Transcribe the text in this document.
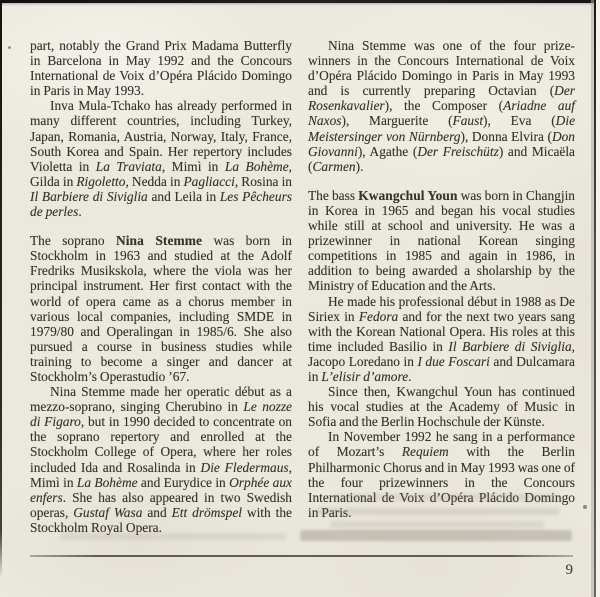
part, notably the Grand Prix Madama Butterfly in Barcelona in May 1992 and the Concours International de Voix d’Opéra Plácido Domingo in Paris in May 1993.

Inva Mula-Tchako has already performed in many different countries, including Turkey, Japan, Romania, Austria, Norway, Italy, France, South Korea and Spain. Her repertory includes Violetta in La Traviata, Mimì in La Bohème, Gilda in Rigoletto, Nedda in Pagliacci, Rosina in Il Barbiere di Siviglia and Leila in Les Pêcheurs de perles.

The soprano Nina Stemme was born in Stockholm in 1963 and studied at the Adolf Fredriks Musikskola, where the viola was her principal instrument. Her first contact with the world of opera came as a chorus member in various local companies, including SMDE in 1979/80 and Operalingan in 1985/6. She also pursued a course in business studies while training to become a singer and dancer at Stockholm’s Operastudio ’67.

Nina Stemme made her operatic début as a mezzo-soprano, singing Cherubino in Le nozze di Figaro, but in 1990 decided to concentrate on the soprano repertory and enrolled at the Stockholm College of Opera, where her roles included Ida and Rosalinda in Die Fledermaus, Mimì in La Bohème and Eurydice in Orphée aux enfers. She has also appeared in two Swedish operas, Gustaf Wasa and Ett drömspel with the Stockholm Royal Opera.

Nina Stemme was one of the four prize-winners in the Concours International de Voix d’Opéra Plácido Domingo in Paris in May 1993 and is currently preparing Octavian (Der Rosenkavalier), the Composer (Ariadne auf Naxos), Marguerite (Faust), Eva (Die Meistersinger von Nürnberg), Donna Elvira (Don Giovanni), Agathe (Der Freischütz) and Micaëla (Carmen).

The bass Kwangchul Youn was born in Changjin in Korea in 1965 and began his vocal studies while still at school and university. He was a prizewinner in national Korean singing competitions in 1985 and again in 1986, in addition to being awarded a sholarship by the Ministry of Education and the Arts.

He made his professional début in 1988 as De Siriex in Fedora and for the next two years sang with the Korean National Opera. His roles at this time included Basilio in Il Barbiere di Siviglia, Jacopo Loredano in I due Foscari and Dulcamara in L’elisir d’amore.

Since then, Kwangchul Youn has continued his vocal studies at the Academy of Music in Sofia and the Berlin Hochschule der Künste.

In November 1992 he sang in a performance of Mozart’s Requiem with the Berlin Philharmonic Chorus and in May 1993 was one of the four prizewinners in the Concours International de Voix d’Opéra Plácido Domingo in Paris.

9
